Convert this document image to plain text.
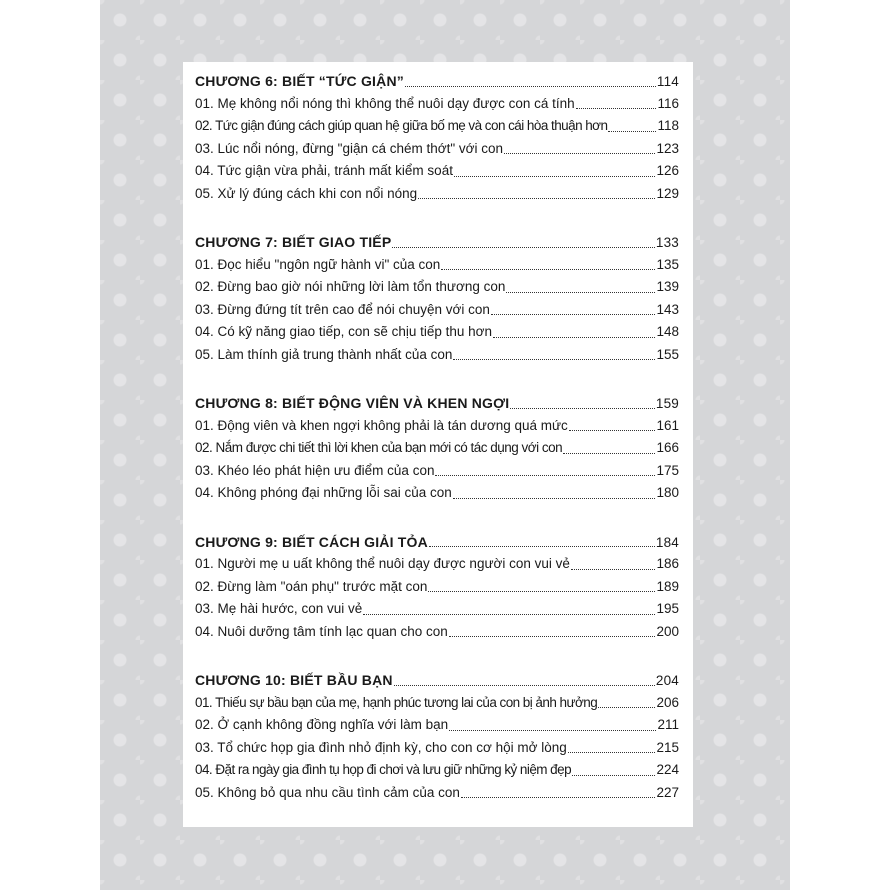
CHƯƠNG 6: BIẾT “TỨC GIẬN”	114
01. Mẹ không nổi nóng thì không thể nuôi dạy được con cá tính	116
02. Tức giận đúng cách giúp quan hệ giữa bố mẹ và con cái hòa thuận hơn	118
03. Lúc nổi nóng, đừng "giận cá chém thớt" với con	123
04. Tức giận vừa phải, tránh mất kiểm soát	126
05. Xử lý đúng cách khi con nổi nóng	129
CHƯƠNG 7: BIẾT GIAO TIẾP	133
01. Đọc hiểu "ngôn ngữ hành vi" của con	135
02. Đừng bao giờ nói những lời làm tổn thương con	139
03. Đừng đứng tít trên cao để nói chuyện với con	143
04. Có kỹ năng giao tiếp, con sẽ chịu tiếp thu hơn	148
05. Làm thính giả trung thành nhất của con	155
CHƯƠNG 8: BIẾT ĐỘNG VIÊN VÀ KHEN NGỢI	159
01. Động viên và khen ngợi không phải là tán dương quá mức	161
02. Nắm được chi tiết thì lời khen của bạn mới có tác dụng với con	166
03. Khéo léo phát hiện ưu điểm của con	175
04. Không phóng đại những lỗi sai của con	180
CHƯƠNG 9: BIẾT CÁCH GIẢI TỎA	184
01. Người mẹ u uất không thể nuôi dạy được người con vui vẻ	186
02. Đừng làm "oán phụ" trước mặt con	189
03. Mẹ hài hước, con vui vẻ	195
04. Nuôi dưỡng tâm tính lạc quan cho con	200
CHƯƠNG 10: BIẾT BẦU BẠN	204
01. Thiếu sự bầu bạn của mẹ, hạnh phúc tương lai của con bị ảnh hưởng	206
02. Ở cạnh không đồng nghĩa với làm bạn	211
03. Tổ chức họp gia đình nhỏ định kỳ, cho con cơ hội mở lòng	215
04. Đặt ra ngày gia đình tụ họp đi chơi và lưu giữ những kỷ niệm đẹp	224
05. Không bỏ qua nhu cầu tình cảm của con	227
